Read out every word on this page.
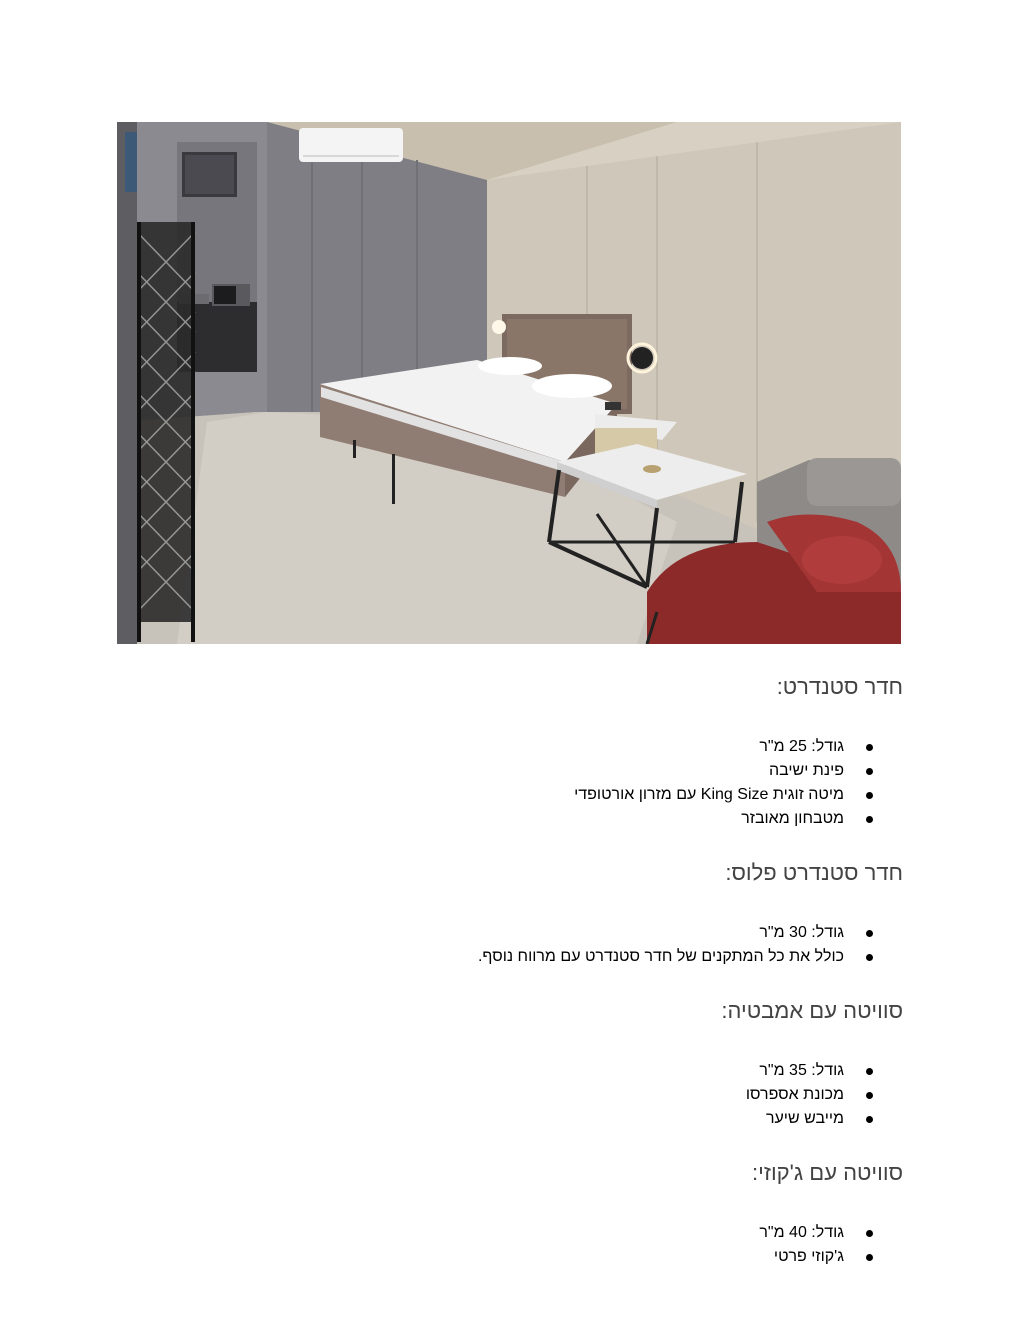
חדר סטנדרט:
גודל: 25 מ"ר
פינת ישיבה
מיטה זוגית King Size עם מזרון אורטופדי
מטבחון מאובזר
חדר סטנדרט פלוס:
גודל: 30 מ"ר
כולל את כל המתקנים של חדר סטנדרט עם מרווח נוסף.
סוויטה עם אמבטיה:
גודל: 35 מ"ר
מכונת אספרסו
מייבש שיער
סוויטה עם ג'קוזי:
גודל: 40 מ"ר
ג'קוזי פרטי
